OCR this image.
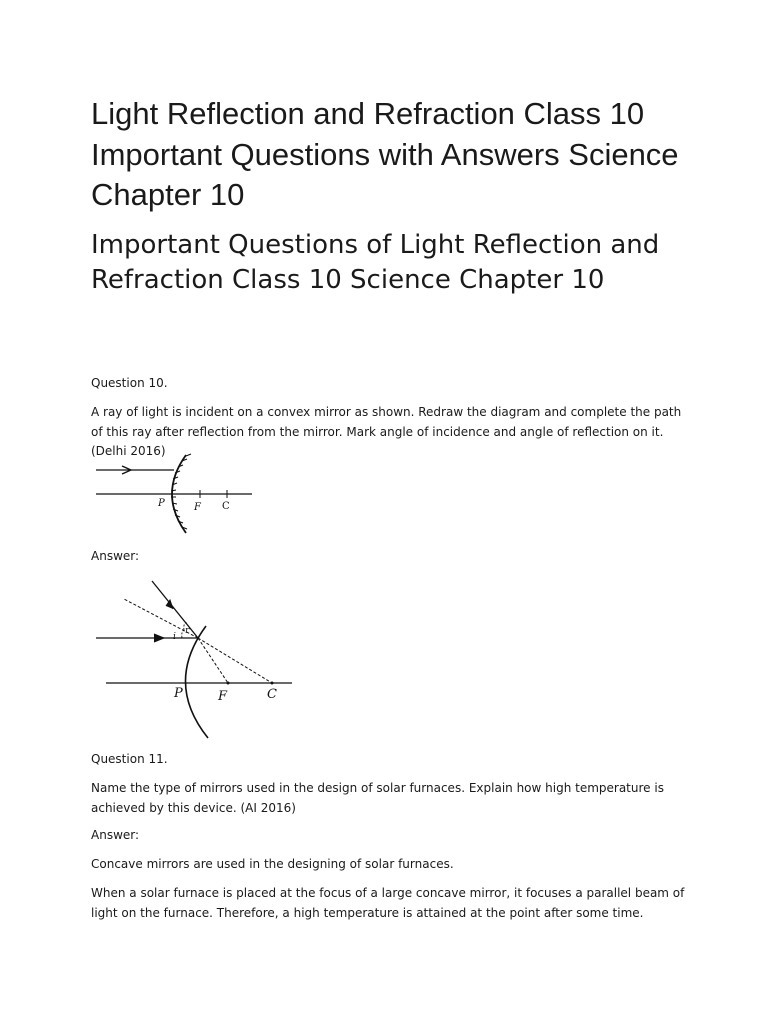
Light Reflection and Refraction Class 10 Important Questions with Answers Science Chapter 10
Important Questions of Light Reflection and Refraction Class 10 Science Chapter 10

Question 10.

A ray of light is incident on a convex mirror as shown. Redraw the diagram and complete the path of this ray after reflection from the mirror. Mark angle of incidence and angle of reflection on it. (Delhi 2016)

P	F C

Answer:

i
r
P	F	C

Question 11.

Name the type of mirrors used in the design of solar furnaces. Explain how high temperature is achieved by this device. (AI 2016)

Answer:

Concave mirrors are used in the designing of solar furnaces.

When a solar furnace is placed at the focus of a large concave mirror, it focuses a parallel beam of light on the furnace. Therefore, a high temperature is attained at the point after some time.
